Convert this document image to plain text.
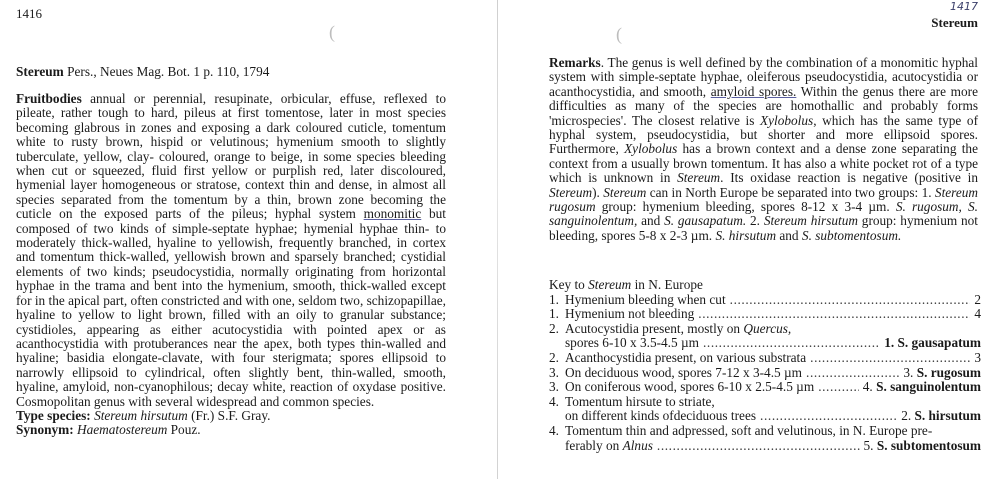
1416
(
Stereum Pers., Neues Mag. Bot. 1 p. 110, 1794

Fruitbodies annual or perennial, resupinate, orbicular, effuse, reflexed to pileate, rather tough to hard, pileus at first tomentose, later in most species becoming glabrous in zones and exposing a dark coloured cuticle, tomentum white to rusty brown, hispid or velutinous; hymenium smooth to slightly tuberculate, yellow, clay- coloured, orange to beige, in some species bleeding when cut or squeezed, fluid first yellow or purplish red, later discoloured, hymenial layer homogeneous or stratose, context thin and dense, in almost all species separated from the tomentum by a thin, brown zone becoming the cuticle on the exposed parts of the pileus; hyphal system monomitic but composed of two kinds of simple-septate hyphae; hymenial hyphae thin- to moderately thick-walled, hyaline to yellowish, frequently branched, in cortex and tomentum thick-walled, yellowish brown and sparsely branched; cystidial elements of two kinds; pseudocystidia, normally originating from horizontal hyphae in the trama and bent into the hymenium, smooth, thick-walled except for in the apical part, often constricted and with one, seldom two, schizopapillae, hyaline to yellow to light brown, filled with an oily to granular substance; cystidioles, appearing as either acutocystidia with pointed apex or as acanthocystidia with protuberances near the apex, both types thin-walled and hyaline; basidia elongate-clavate, with four sterigmata; spores ellipsoid to narrowly ellipsoid to cylindrical, often slightly bent, thin-walled, smooth, hyaline, amyloid, non-cyanophilous; decay white, reaction of oxydase positive. Cosmopolitan genus with several widespread and common species.

Type species: Stereum hirsutum (Fr.) S.F. Gray.
Synonym: Haematostereum Pouz.
1417
Stereum
(

Remarks. The genus is well defined by the combination of a monomitic hyphal system with simple-septate hyphae, oleiferous pseudocystidia, acutocystidia or acanthocystidia, and smooth, amyloid spores. Within the genus there are more difficulties as many of the species are homothallic and probably forms 'microspecies'. The closest relative is Xylobolus, which has the same type of hyphal system, pseudocystidia, but shorter and more ellipsoid spores. Furthermore, Xylobolus has a brown context and a dense zone separating the context from a usually brown tomentum. It has also a white pocket rot of a type which is unknown in Stereum. Its oxidase reaction is negative (positive in Stereum). Stereum can in North Europe be separated into two groups: 1. Stereum rugosum group: hymenium bleeding, spores 8-12 x 3-4 µm. S. rugosum, S. sanguinolentum, and S. gausapatum. 2. Stereum hirsutum group: hymenium not bleeding, spores 5-8 x 2-3 µm. S. hirsutum and S. subtomentosum.

Key to Stereum in N. Europe
1. Hymenium bleeding when cut .....	2
1. Hymenium not bleeding .....	4
2. Acutocystidia present, mostly on Quercus,
spores 6-10 x 3.5-4.5 µm .....	1. S. gausapatum
2. Acanthocystidia present, on various substrata .....	3
3. On deciduous wood, spores 7-12 x 3-4.5 µm .....	3. S. rugosum
3. On coniferous wood, spores 6-10 x 2.5-4.5 µm .....	4. S. sanguinolentum
4. Tomentum hirsute to striate,
on different kinds ofdeciduous trees .....	2. S. hirsutum
4. Tomentum thin and adpressed, soft and velutinous, in N. Europe pre-
ferably on Alnus .....	5. S. subtomentosum
